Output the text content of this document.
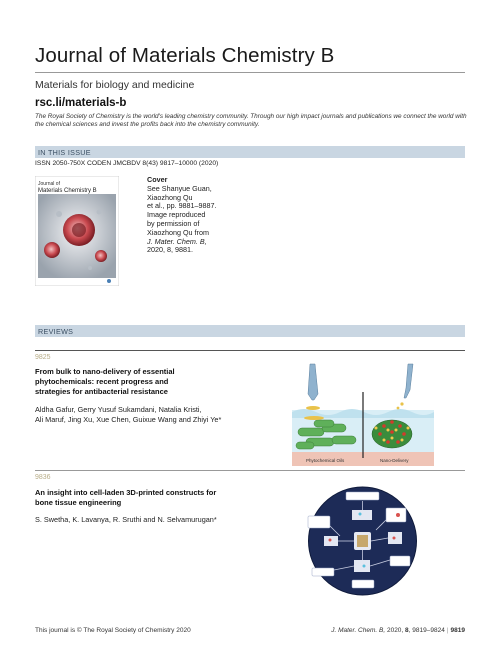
Journal of Materials Chemistry B
Materials for biology and medicine
rsc.li/materials-b
The Royal Society of Chemistry is the world's leading chemistry community. Through our high impact journals and publications we connect the world with the chemical sciences and invest the profits back into the chemistry community.
IN THIS ISSUE
ISSN 2050-750X CODEN JMCBDV 8(43) 9817–10000 (2020)
Journal of
Materials Chemistry B
Cover
See Shanyue Guan,
Xiaozhong Qu
et al., pp. 9881–9887.
Image reproduced
by permission of
Xiaozhong Qu from
J. Mater. Chem. B,
2020, 8, 9881.
REVIEWS
9825
From bulk to nano-delivery of essential
phytochemicals: recent progress and
strategies for antibacterial resistance
Aldha Gafur, Gerry Yusuf Sukamdani, Natalia Kristi,
Ali Maruf, Jing Xu, Xue Chen, Guixue Wang and Zhiyi Ye*
Phytochemical Oils	Nano-Delivery
9836
An insight into cell-laden 3D-printed constructs for
bone tissue engineering
S. Swetha, K. Lavanya, R. Sruthi and N. Selvamurugan*
This journal is © The Royal Society of Chemistry 2020	J. Mater. Chem. B, 2020, 8, 9819–9824 | 9819
